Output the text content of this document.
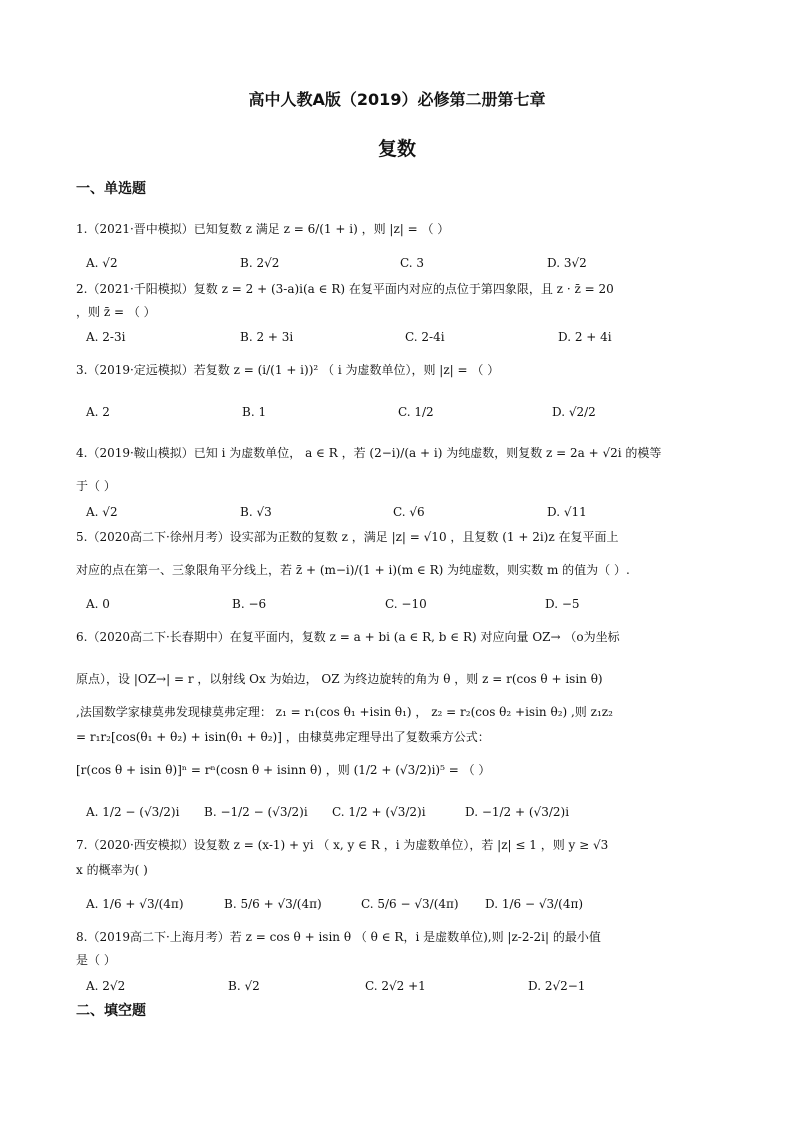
高中人教A版（2019）必修第二册第七章
复数
一、单选题
1.（2021·晋中模拟）已知复数 z 满足 z = 6/(1 + i) ，则 |z| = （ ）
A. √2	B. 2√2	C. 3	D. 3√2
2.（2021·千阳模拟）复数 z = 2 + (3-a)i(a ∈ R) 在复平面内对应的点位于第四象限，且 z · z̄ = 20
，则 z̄ = （ ）
A. 2-3i	B. 2 + 3i	C. 2-4i	D. 2 + 4i
3.（2019·定远模拟）若复数 z = (i/(1 + i))² （ i 为虚数单位），则 |z| = （ ）
A. 2	B. 1	C. 1/2	D. √2/2
4.（2019·鞍山模拟）已知 i 为虚数单位， a ∈ R ，若 (2−i)/(a + i) 为纯虚数，则复数 z = 2a + √2i 的模等
于（ ）
A. √2	B. √3	C. √6	D. √11
5.（2020高二下·徐州月考）设实部为正数的复数 z ，满足 |z| = √10 ，且复数 (1 + 2i)z 在复平面上
对应的点在第一、三象限角平分线上，若 z̄ + (m−i)/(1 + i)(m ∈ R) 为纯虚数，则实数 m 的值为（ ）.
A. 0	B. −6	C. −10	D. −5
6.（2020高二下·长春期中）在复平面内，复数 z = a + bi (a ∈ R, b ∈ R) 对应向量 OZ→ （o为坐标
原点），设 |OZ→| = r ，以射线 Ox 为始边， OZ 为终边旋转的角为 θ ，则 z = r(cos θ + isin θ)
,法国数学家棣莫弗发现棣莫弗定理： z₁ = r₁(cos θ₁ +isin θ₁) ， z₂ = r₂(cos θ₂ +isin θ₂) ,则 z₁z₂
= r₁r₂[cos(θ₁ + θ₂) + isin(θ₁ + θ₂)] ，由棣莫弗定理导出了复数乘方公式：
[r(cos θ + isin θ)]ⁿ = rⁿ(cosn θ + isinn θ) ，则 (1/2 + (√3/2)i)⁵ = （ ）
A. 1/2 − (√3/2)i B. −1/2 − (√3/2)i C. 1/2 + (√3/2)i	D. −1/2 + (√3/2)i
7.（2020·西安模拟）设复数 z = (x-1) + yi （ x, y ∈ R ，i 为虚数单位），若 |z| ≤ 1 ，则 y ≥ √3
x 的概率为( )
A. 1/6 + √3/(4π)	B. 5/6 + √3/(4π)	C. 5/6 − √3/(4π) D. 1/6 − √3/(4π)
8.（2019高二下·上海月考）若 z = cos θ + isin θ （ θ ∈ R，i 是虚数单位),则 |z-2-2i| 的最小值
是（ ）
A. 2√2	B. √2	C. 2√2 +1	D. 2√2−1
二、填空题
